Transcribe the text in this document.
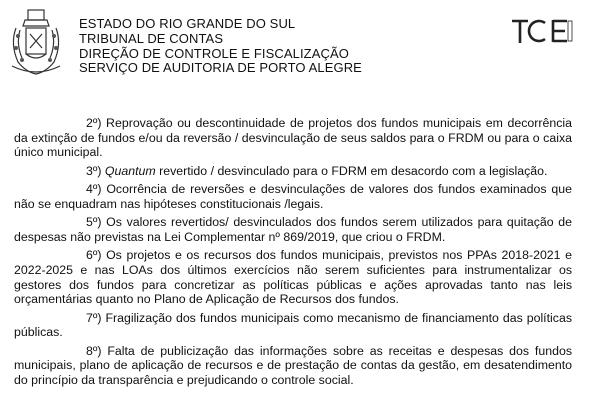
ESTADO DO RIO GRANDE DO SUL
TRIBUNAL DE CONTAS
DIREÇÃO DE CONTROLE E FISCALIZAÇÃO
SERVIÇO DE AUDITORIA DE PORTO ALEGRE

2º) Reprovação ou descontinuidade de projetos dos fundos municipais em decorrência da extinção de fundos e/ou da reversão / desvinculação de seus saldos para o FRDM ou para o caixa único municipal.

3º) Quantum revertido / desvinculado para o FDRM em desacordo com a legislação.

4º) Ocorrência de reversões e desvinculações de valores dos fundos examinados que não se enquadram nas hipóteses constitucionais /legais.

5º) Os valores revertidos/ desvinculados dos fundos serem utilizados para quitação de despesas não previstas na Lei Complementar nº 869/2019, que criou o FRDM.

6º) Os projetos e os recursos dos fundos municipais, previstos nos PPAs 2018-2021 e 2022-2025 e nas LOAs dos últimos exercícios não serem suficientes para instrumentalizar os gestores dos fundos para concretizar as políticas públicas e ações aprovadas tanto nas leis orçamentárias quanto no Plano de Aplicação de Recursos dos fundos.

7º) Fragilização dos fundos municipais como mecanismo de financiamento das políticas públicas.

8º) Falta de publicização das informações sobre as receitas e despesas dos fundos municipais, plano de aplicação de recursos e de prestação de contas da gestão, em desatendimento do princípio da transparência e prejudicando o controle social.
